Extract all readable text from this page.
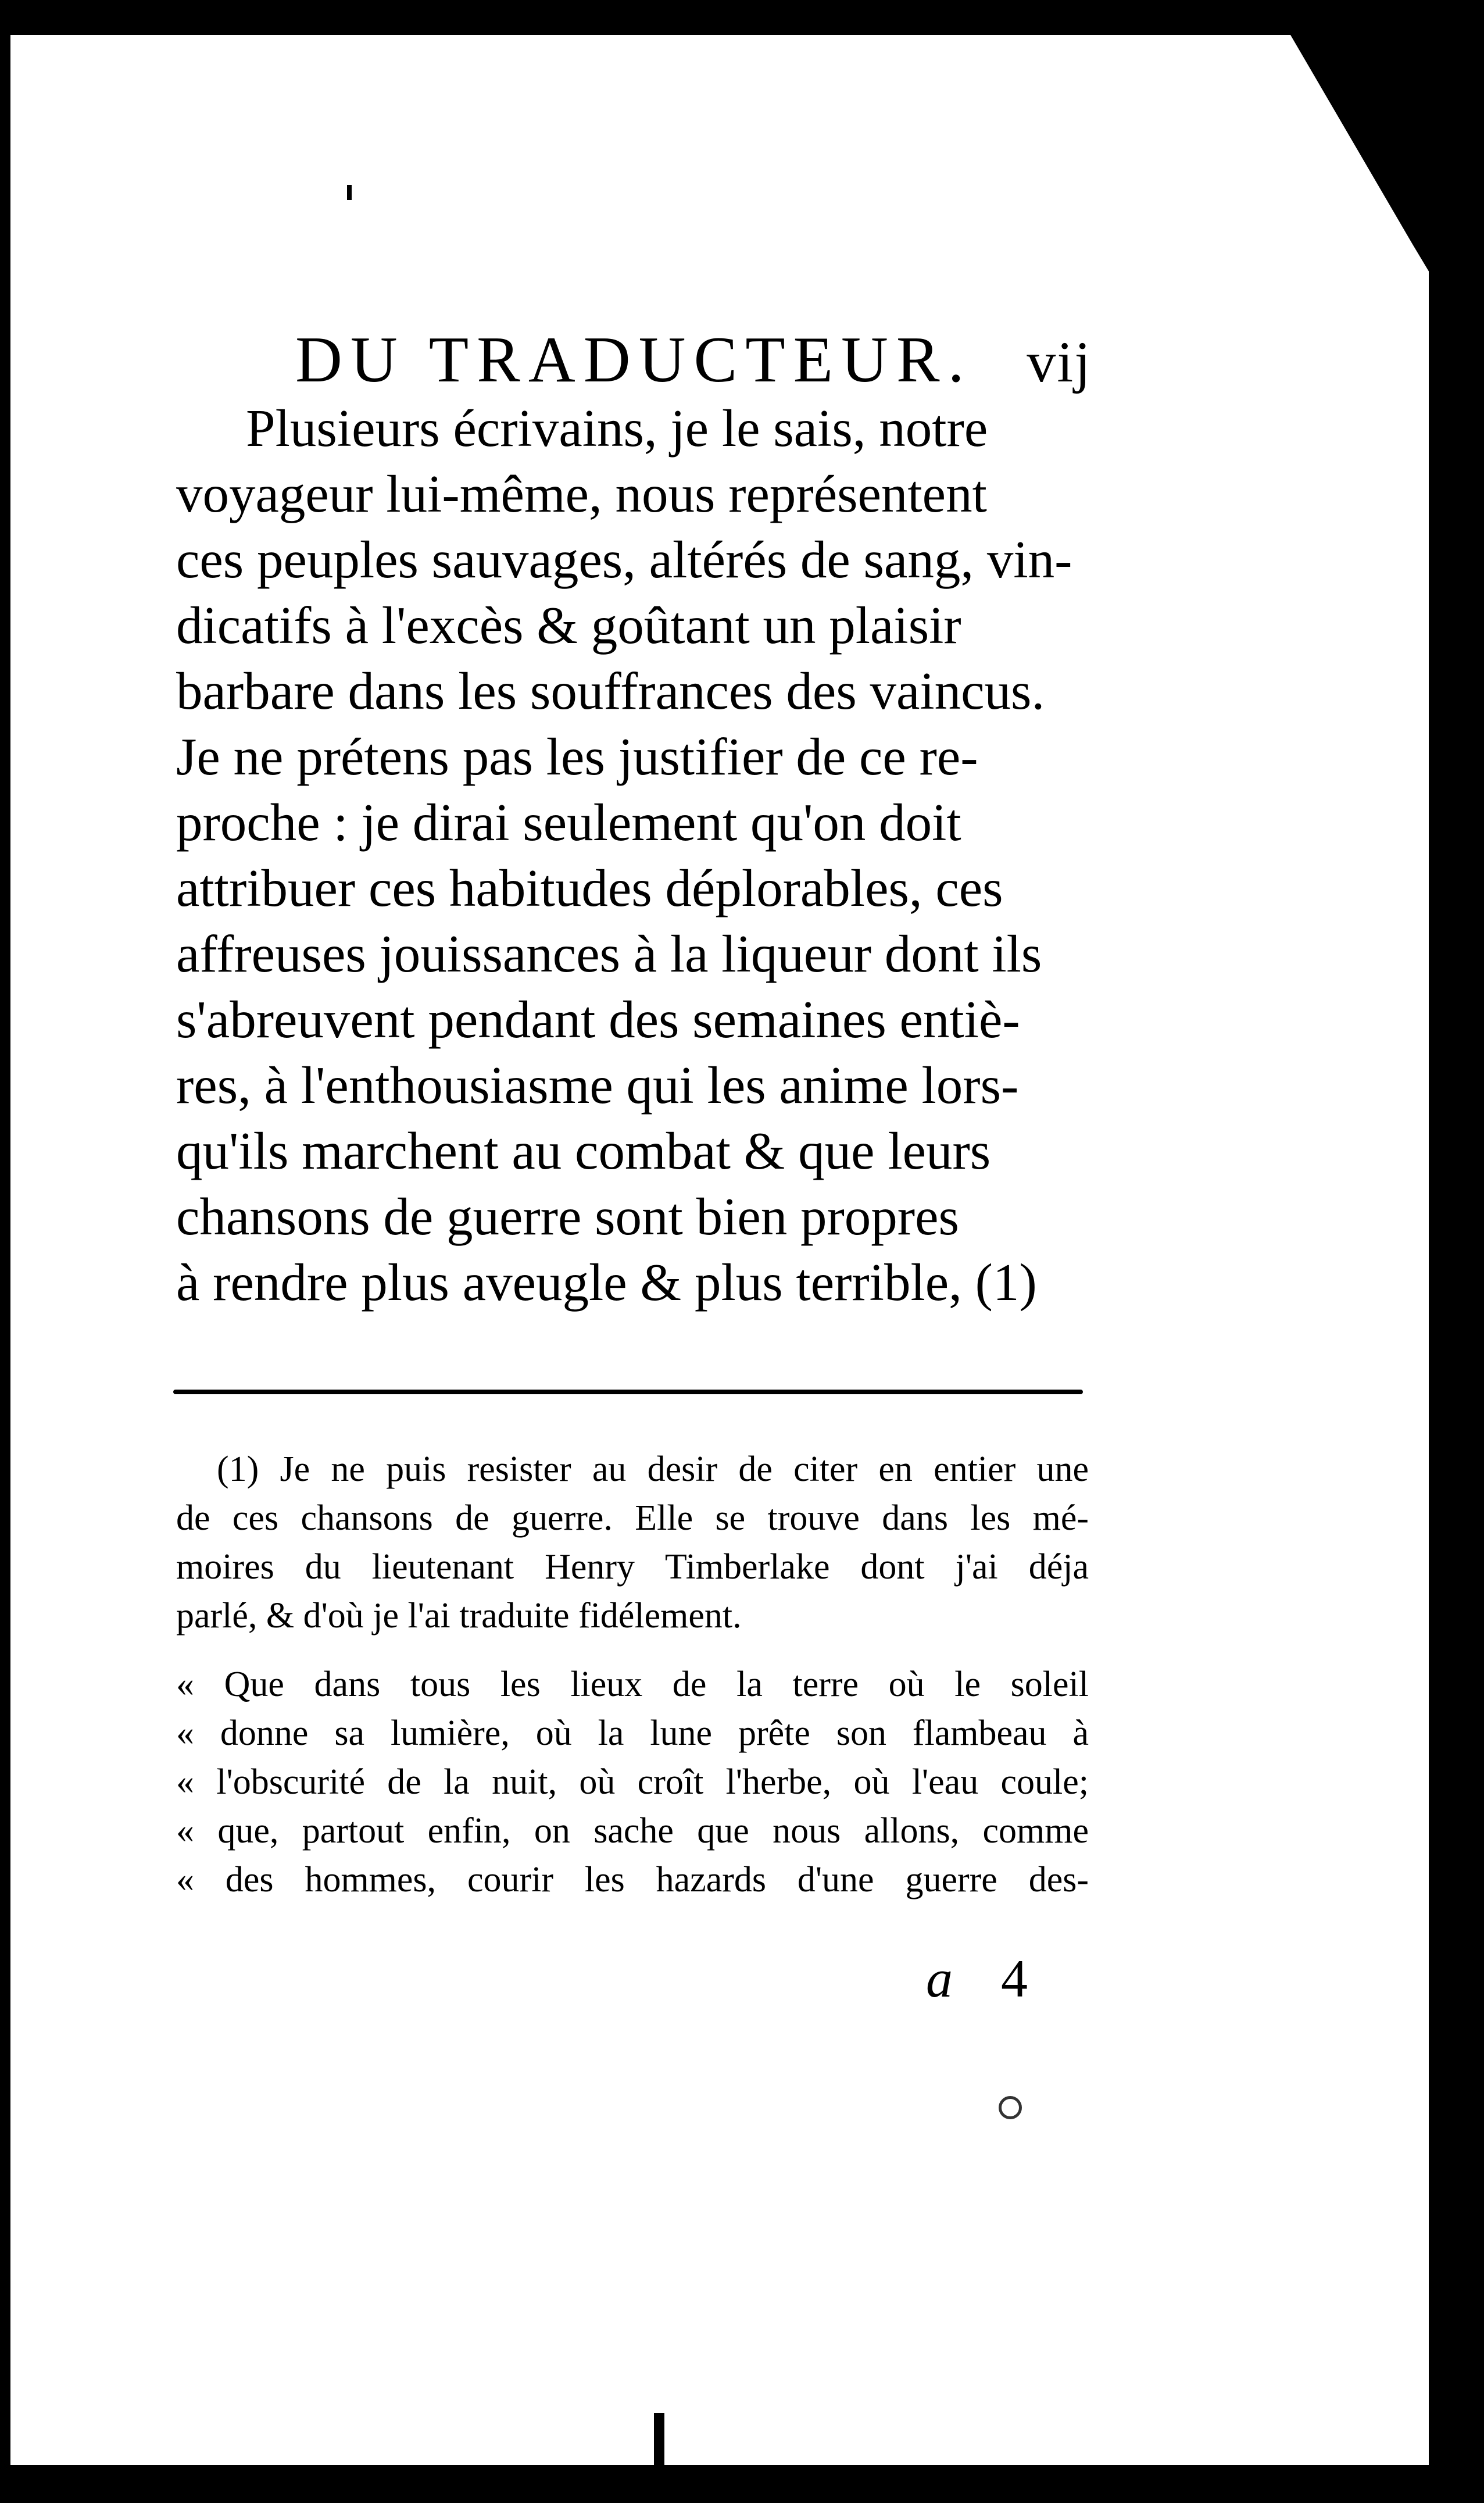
DU TRADUCTEUR. vij
Plusieurs écrivains, je le sais, notre
voyageur lui-même, nous représentent
ces peuples sauvages, altérés de sang, vin-
dicatifs à l'excès & goûtant un plaisir
barbare dans les souffrances des vaincus.
Je ne prétens pas les justifier de ce re-
proche : je dirai seulement qu'on doit
attribuer ces habitudes déplorables, ces
affreuses jouissances à la liqueur dont ils
s'abreuvent pendant des semaines entiè-
res, à l'enthousiasme qui les anime lors-
qu'ils marchent au combat & que leurs
chansons de guerre sont bien propres
à rendre plus aveugle & plus terrible, (1)
(1) Je ne puis resister au desir de citer en entier une
de ces chansons de guerre. Elle se trouve dans les mé-
moires du lieutenant Henry Timberlake dont j'ai déja
parlé, & d'où je l'ai traduite fidélement.
« Que dans tous les lieux de la terre où le soleil
« donne sa lumière, où la lune prête son flambeau à
« l'obscurité de la nuit, où croît l'herbe, où l'eau coule;
« que, partout enfin, on sache que nous allons, comme
« des hommes, courir les hazards d'une guerre des-
a 4
